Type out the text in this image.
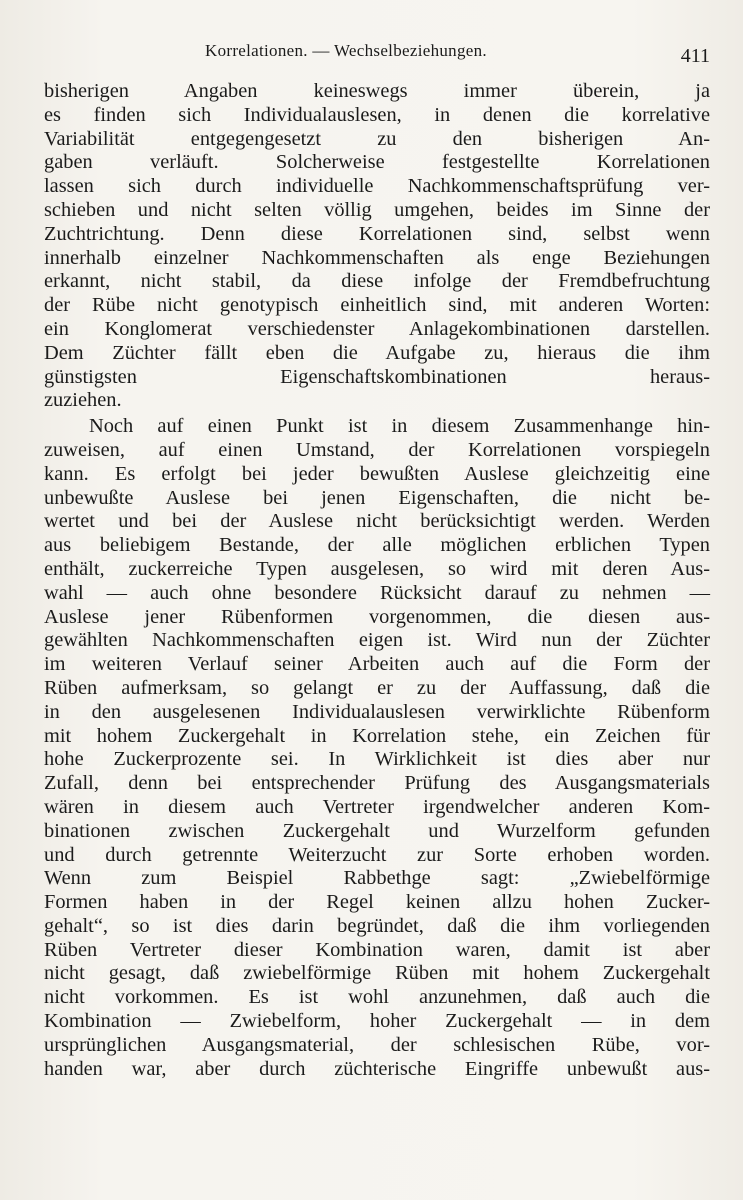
Korrelationen. — Wechselbeziehungen.	411
bisherigen Angaben keineswegs immer überein, ja
es finden sich Individualauslesen, in denen die korrelative
Variabilität entgegengesetzt zu den bisherigen An-
gaben verläuft. Solcherweise festgestellte Korrelationen
lassen sich durch individuelle Nachkommenschaftsprüfung ver-
schieben und nicht selten völlig umgehen, beides im Sinne der
Zuchtrichtung. Denn diese Korrelationen sind, selbst wenn
innerhalb einzelner Nachkommenschaften als enge Beziehungen
erkannt, nicht stabil, da diese infolge der Fremdbefruchtung
der Rübe nicht genotypisch einheitlich sind, mit anderen Worten:
ein Konglomerat verschiedenster Anlagekombinationen darstellen.
Dem Züchter fällt eben die Aufgabe zu, hieraus die ihm
günstigsten Eigenschaftskombinationen heraus-
zuziehen.
Noch auf einen Punkt ist in diesem Zusammenhange hin-
zuweisen, auf einen Umstand, der Korrelationen vorspiegeln
kann. Es erfolgt bei jeder bewußten Auslese gleichzeitig eine
unbewußte Auslese bei jenen Eigenschaften, die nicht be-
wertet und bei der Auslese nicht berücksichtigt werden. Werden
aus beliebigem Bestande, der alle möglichen erblichen Typen
enthält, zuckerreiche Typen ausgelesen, so wird mit deren Aus-
wahl — auch ohne besondere Rücksicht darauf zu nehmen —
Auslese jener Rübenformen vorgenommen, die diesen aus-
gewählten Nachkommenschaften eigen ist. Wird nun der Züchter
im weiteren Verlauf seiner Arbeiten auch auf die Form der
Rüben aufmerksam, so gelangt er zu der Auffassung, daß die
in den ausgelesenen Individualauslesen verwirklichte Rübenform
mit hohem Zuckergehalt in Korrelation stehe, ein Zeichen für
hohe Zuckerprozente sei. In Wirklichkeit ist dies aber nur
Zufall, denn bei entsprechender Prüfung des Ausgangsmaterials
wären in diesem auch Vertreter irgendwelcher anderen Kom-
binationen zwischen Zuckergehalt und Wurzelform gefunden
und durch getrennte Weiterzucht zur Sorte erhoben worden.
Wenn zum Beispiel Rabbethge sagt: „Zwiebelförmige
Formen haben in der Regel keinen allzu hohen Zucker-
gehalt“, so ist dies darin begründet, daß die ihm vorliegenden
Rüben Vertreter dieser Kombination waren, damit ist aber
nicht gesagt, daß zwiebelförmige Rüben mit hohem Zuckergehalt
nicht vorkommen. Es ist wohl anzunehmen, daß auch die
Kombination — Zwiebelform, hoher Zuckergehalt — in dem
ursprünglichen Ausgangsmaterial, der schlesischen Rübe, vor-
handen war, aber durch züchterische Eingriffe unbewußt aus-
